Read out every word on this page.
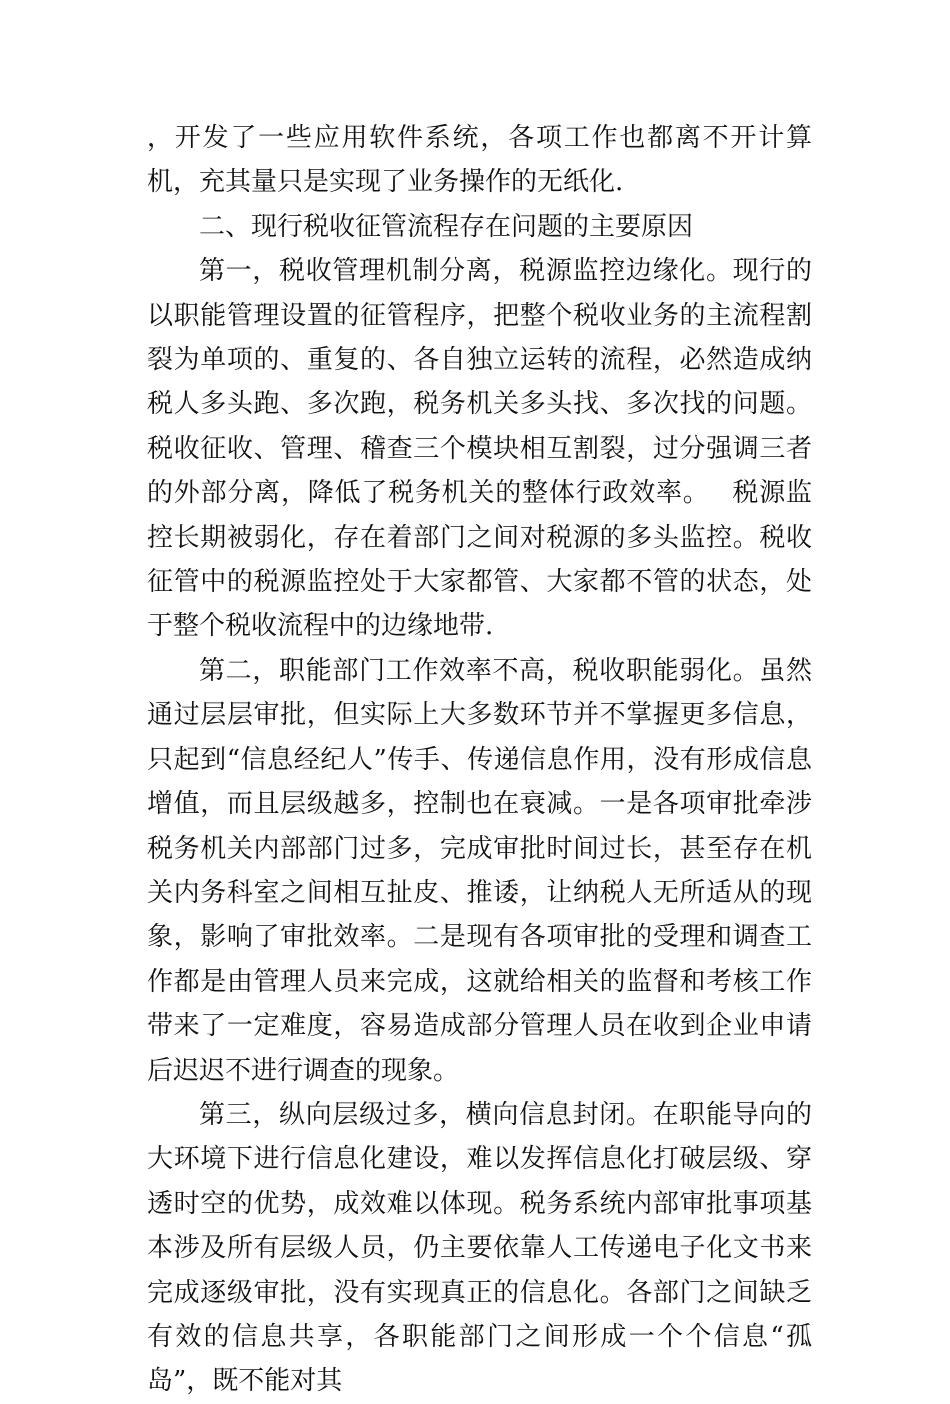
，开发了一些应用软件系统，各项工作也都离不开计算机，充其量只是实现了业务操作的无纸化.

二、现行税收征管流程存在问题的主要原因

第一，税收管理机制分离，税源监控边缘化。现行的以职能管理设置的征管程序，把整个税收业务的主流程割裂为单项的、重复的、各自独立运转的流程，必然造成纳税人多头跑、多次跑，税务机关多头找、多次找的问题。税收征收、管理、稽查三个模块相互割裂，过分强调三者的外部分离，降低了税务机关的整体行政效率。　 税源监控长期被弱化，存在着部门之间对税源的多头监控。税收征管中的税源监控处于大家都管、大家都不管的状态，处于整个税收流程中的边缘地带.

第二，职能部门工作效率不高，税收职能弱化。虽然通过层层审批，但实际上大多数环节并不掌握更多信息，只起到“信息经纪人”传手、传递信息作用，没有形成信息增值，而且层级越多，控制也在衰减。一是各项审批牵涉税务机关内部部门过多，完成审批时间过长，甚至存在机关内务科室之间相互扯皮、推诿，让纳税人无所适从的现象，影响了审批效率。二是现有各项审批的受理和调查工作都是由管理人员来完成，这就给相关的监督和考核工作带来了一定难度，容易造成部分管理人员在收到企业申请后迟迟不进行调查的现象。

第三，纵向层级过多，横向信息封闭。在职能导向的大环境下进行信息化建设，难以发挥信息化打破层级、穿透时空的优势，成效难以体现。税务系统内部审批事项基本涉及所有层级人员，仍主要依靠人工传递电子化文书来完成逐级审批，没有实现真正的信息化。各部门之间缺乏有效的信息共享，各职能部门之间形成一个个信息“孤岛”，既不能对其
